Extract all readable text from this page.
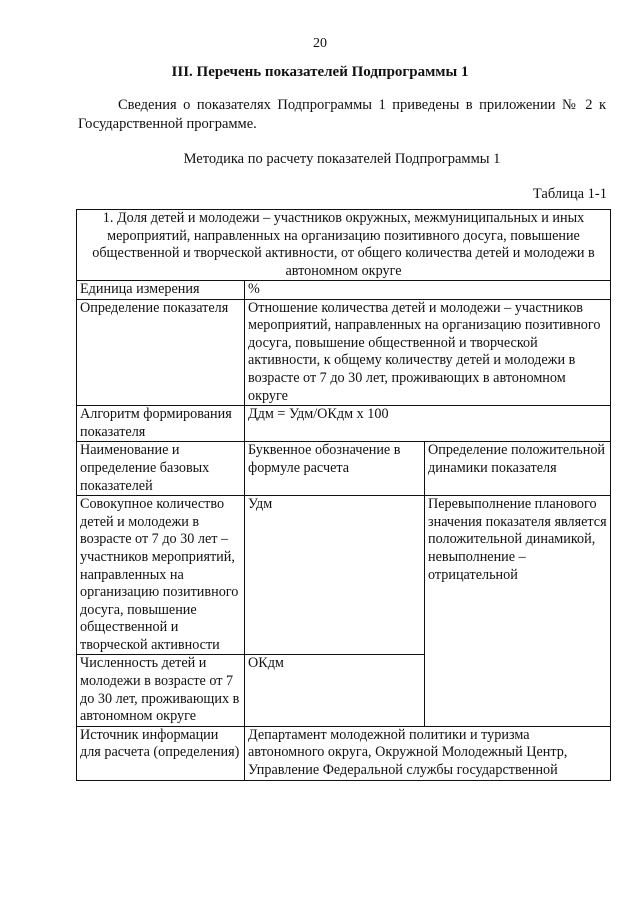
20
III. Перечень показателей Подпрограммы 1
Сведения о показателях Подпрограммы 1 приведены в приложении № 2 к Государственной программе.
Методика по расчету показателей Подпрограммы 1
Таблица 1-1
1. Доля детей и молодежи – участников окружных, межмуниципальных и иных мероприятий, направленных на организацию позитивного досуга, повышение общественной и творческой активности, от общего количества детей и молодежи в автономном округе		
Единица измерения	%	
Определение показателя	Отношение количества детей и молодежи – участников мероприятий, направленных на организацию позитивного досуга, повышение общественной и творческой активности, к общему количеству детей и молодежи в возрасте от 7 до 30 лет, проживающих в автономном округе	
Алгоритм формирования показателя	Ддм = Удм/ОКдм х 100	
Наименование и определение базовых показателей	Буквенное обозначение в формуле расчета	Определение положительной динамики показателя
Совокупное количество детей и молодежи в возрасте от 7 до 30 лет – участников мероприятий, направленных на организацию позитивного досуга, повышение общественной и творческой активности	Удм	Перевыполнение планового значения показателя является положительной динамикой, невыполнение – отрицательной
Численность детей и молодежи в возрасте от 7 до 30 лет, проживающих в автономном округе	ОКдм	
Источник информации для расчета (определения)	Департамент молодежной политики и туризма автономного округа, Окружной Молодежный Центр, Управление Федеральной службы государственной	
